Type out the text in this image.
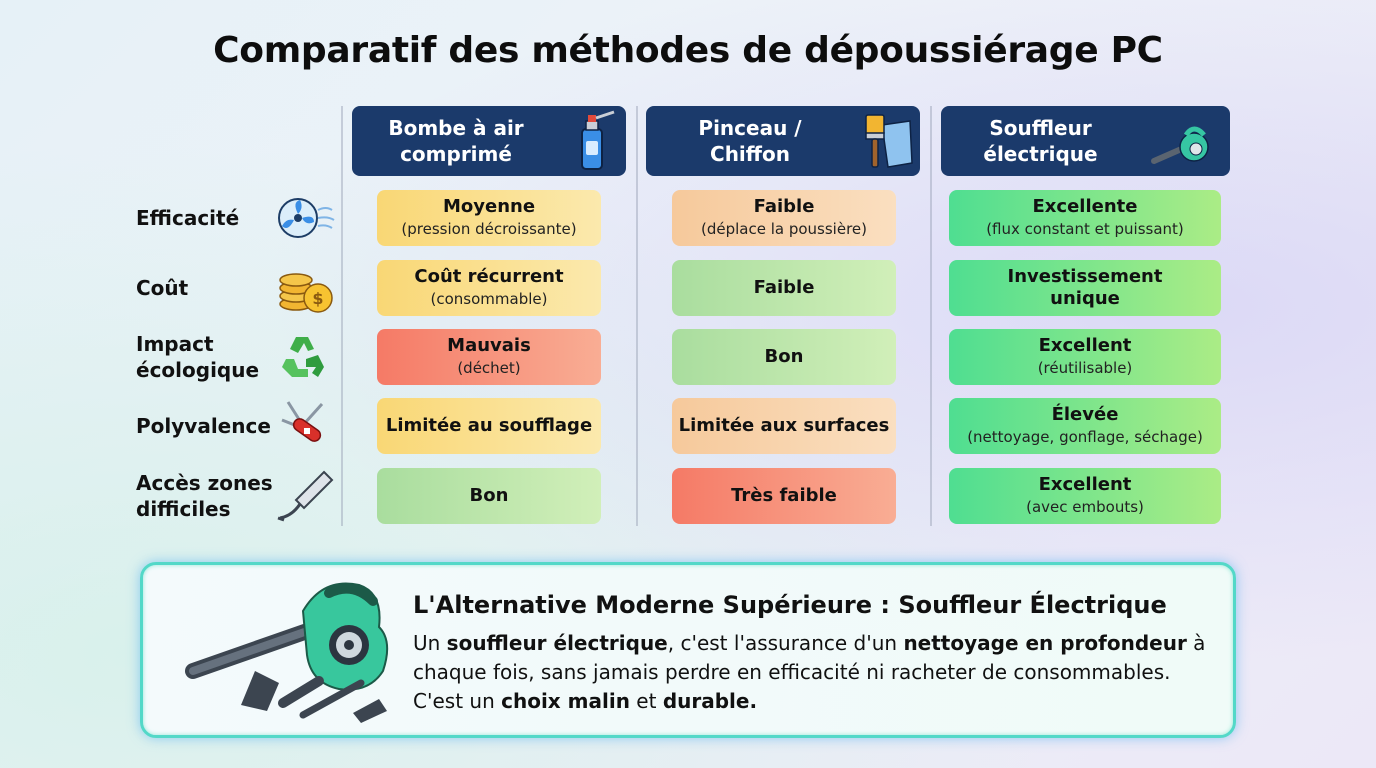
Comparatif des méthodes de dépoussiérage PC
Bombe à air
comprimé
Pinceau /
Chiffon
Souffleur
électrique
Efficacité
Coût
Impact
écologique
Polyvalence
Accès zones
difficiles
$
Moyenne
(pression décroissante)
Faible
(déplace la poussière)
Excellente
(flux constant et puissant)
Coût récurrent
(consommable)
Faible
Investissement
unique
Mauvais
(déchet)
Bon
Excellent
(réutilisable)
Limitée au soufflage	Limitée aux surfaces
Élevée
(nettoyage, gonflage, séchage)
Bon	Très faible
Excellent
(avec embouts)
L'Alternative Moderne Supérieure : Souffleur Électrique
Un souffleur électrique, c'est l'assurance d'un nettoyage en profondeur à chaque fois, sans jamais perdre en efficacité ni racheter de consommables. C'est un choix malin et durable.
